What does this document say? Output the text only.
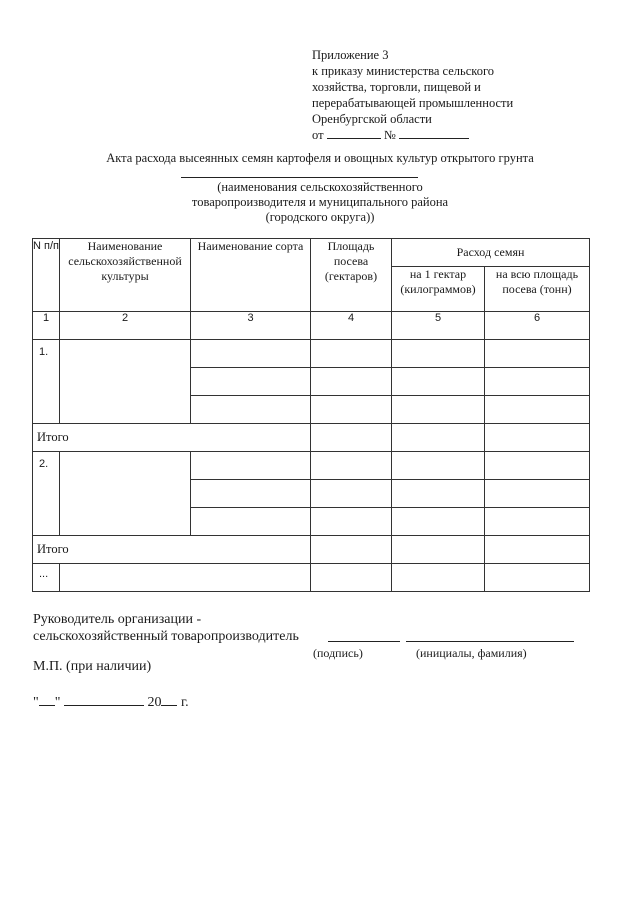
Приложение 3
к приказу министерства сельского
хозяйства, торговли, пищевой и
перерабатывающей промышленности
Оренбургской области
от	№
Акта расхода высеянных семян картофеля и овощных культур открытого грунта
(наименования сельскохозяйственного
товаропроизводителя и муниципального района
(городского округа))
N п/п	Наименование сельскохозяйственной культуры	Наименование сорта	Площадь посева (гектаров)	Расход семян	
				на 1 гектар (килограммов)	на всю площадь посева (тонн)
1	2	3	4	5	6
1.					

Итого					
2.					

Итого					
...					
Руководитель организации -
сельскохозяйственный товаропроизводитель
(подпись)	(инициалы, фамилия)
М.П. (при наличии)
" "	20 г.
